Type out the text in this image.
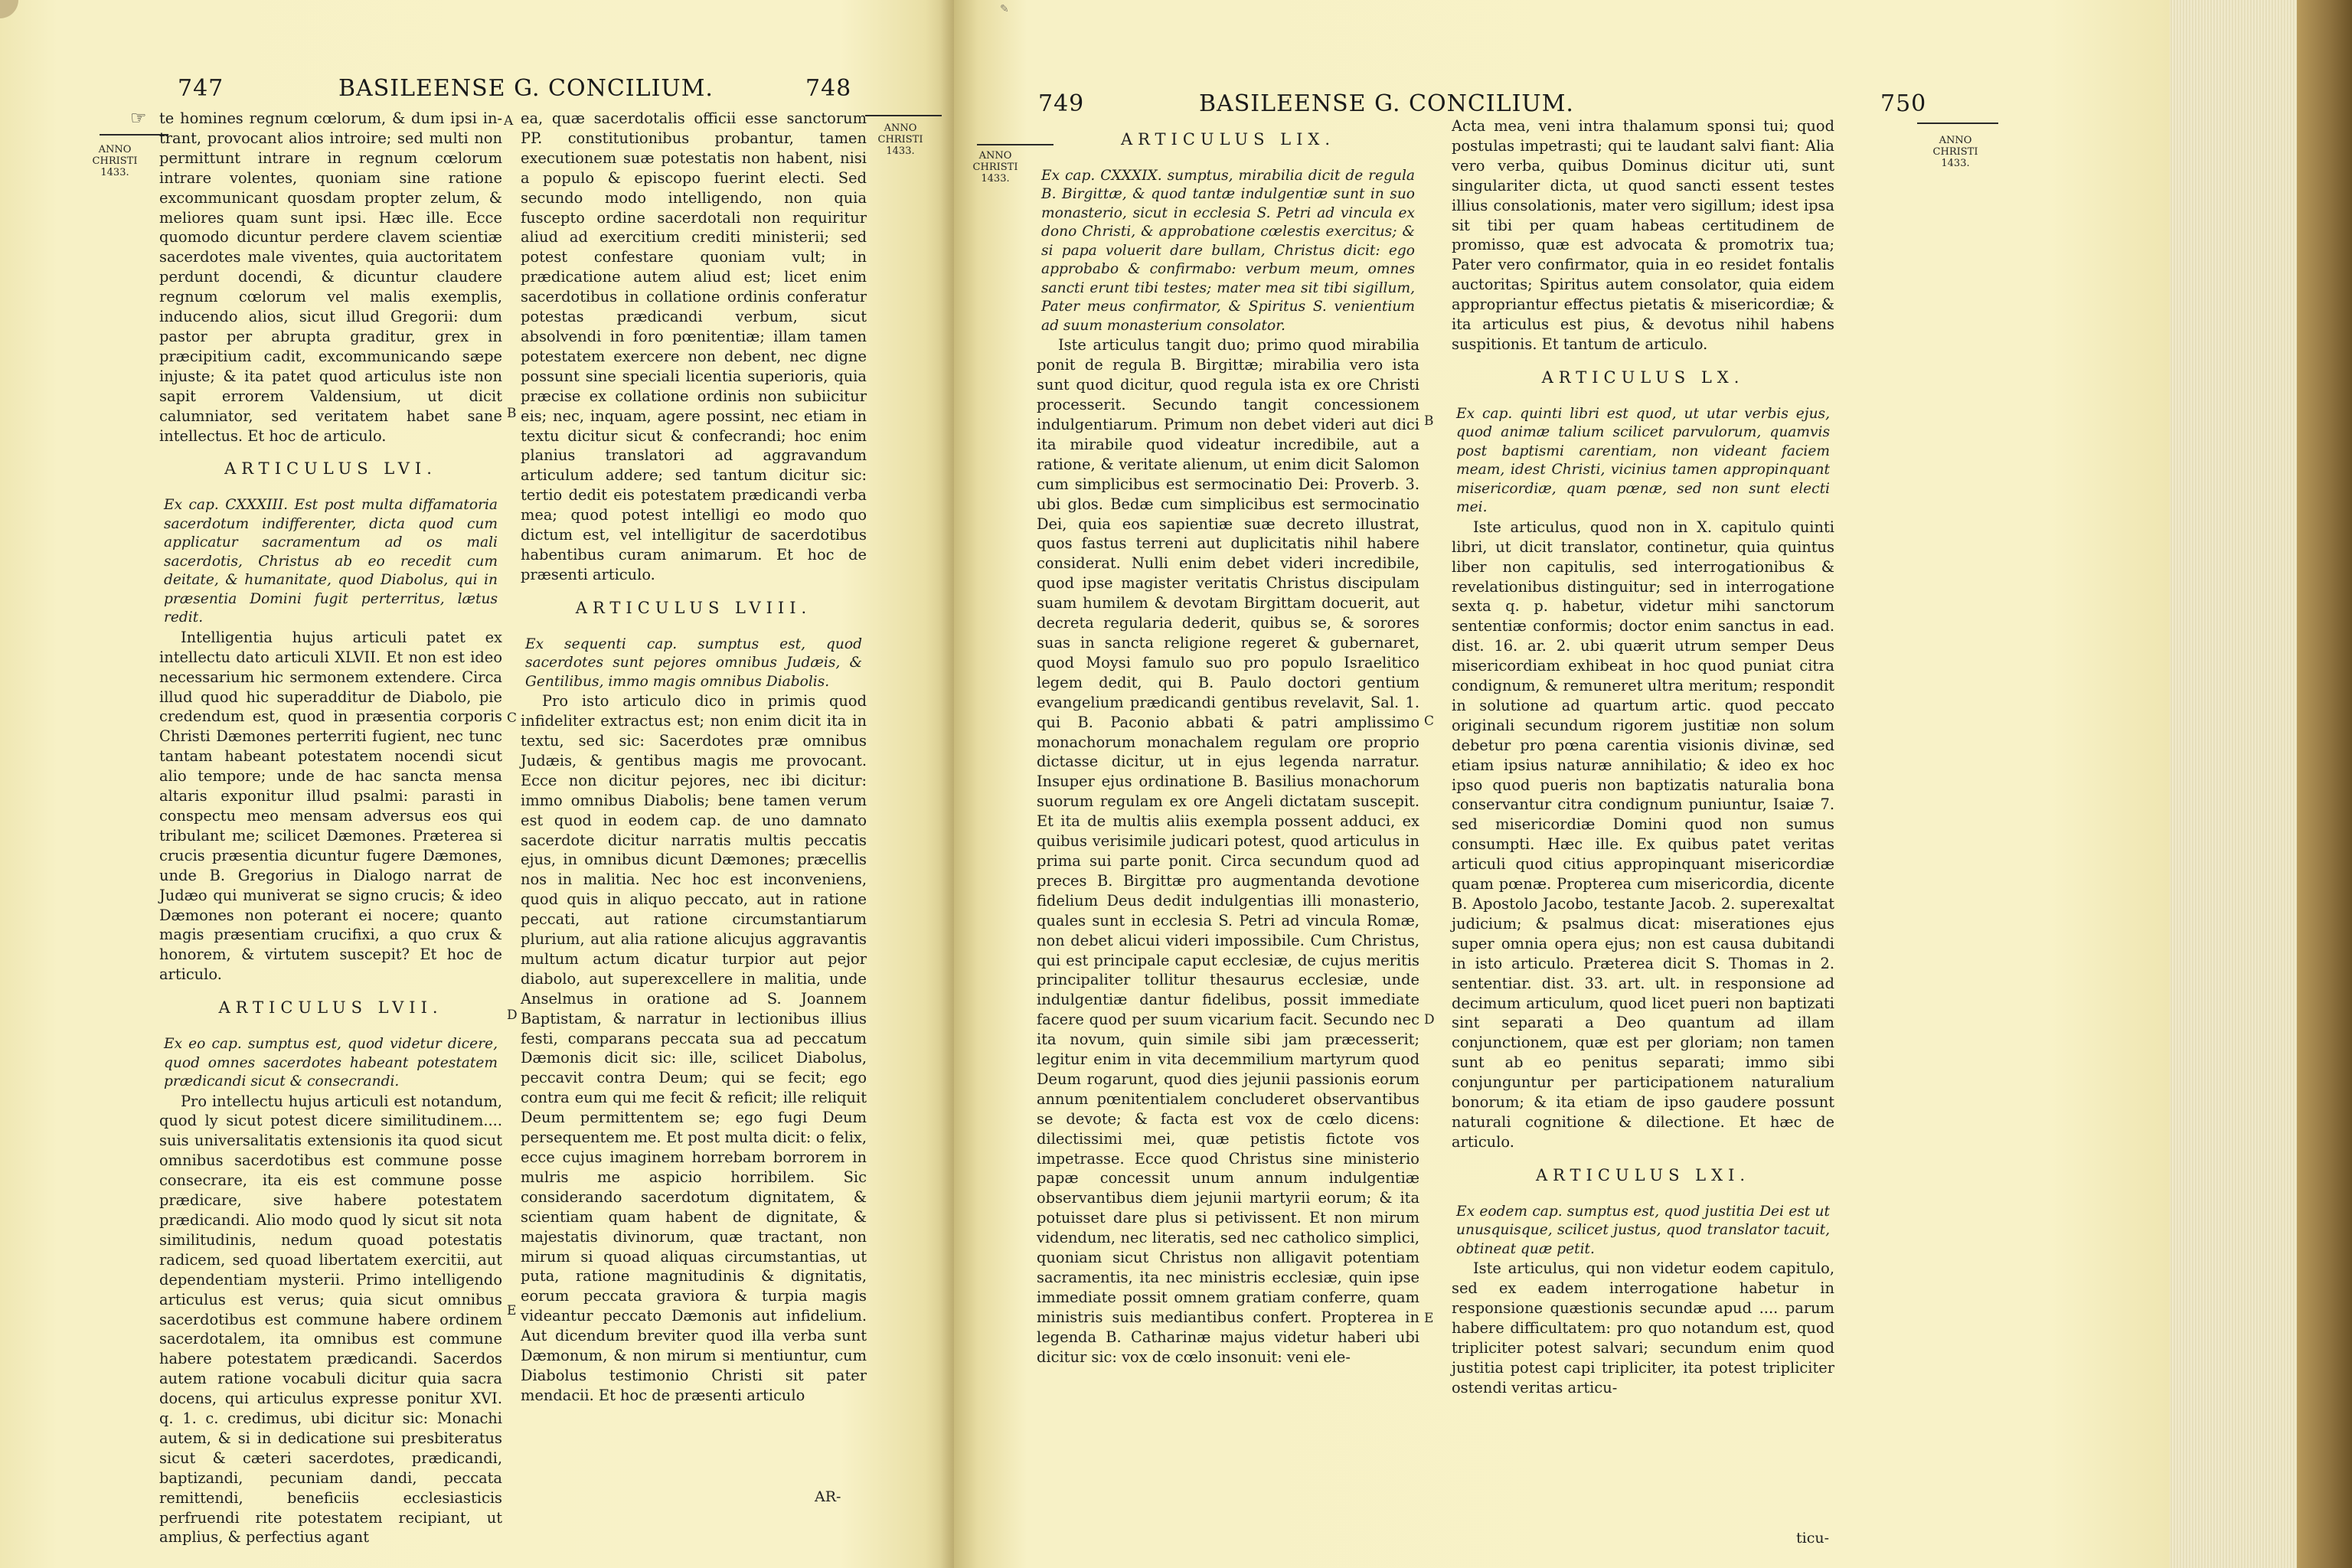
747	BASILEENSE G. CONCILIUM.	748
☞
ANNO
CHRISTI
1433.
ANNO
CHRISTI
1433.

te homines regnum cœlorum, & dum ipsi in-trant, provocant alios introire; sed multi non permittunt intrare in regnum cœlorum intrare volentes, quoniam sine ratione excommunicant quosdam propter zelum, & meliores quam sunt ipsi. Hæc ille. Ecce quomodo dicuntur perdere clavem scientiæ sacerdotes male viventes, quia auctoritatem perdunt docendi, & dicuntur claudere regnum cœlorum vel malis exemplis, inducendo alios, sicut illud Gregorii: dum pastor per abrupta graditur, grex in præcipitium cadit, excommunicando sæpe injuste; & ita patet quod articulus iste non sapit errorem Valdensium, ut dicit calumniator, sed veritatem habet sane intellectus. Et hoc de articulo.

ARTICULUS LVI.

Ex cap. CXXXIII. Est post multa diffamatoria sacerdotum indifferenter, dicta quod cum applicatur sacramentum ad os mali sacerdotis, Christus ab eo recedit cum deitate, & humanitate, quod Diabolus, qui in præsentia Domini fugit perterritus, lætus redit.

Intelligentia hujus articuli patet ex intellectu dato articuli XLVII. Et non est ideo necessarium hic sermonem extendere. Circa illud quod hic superadditur de Diabolo, pie credendum est, quod in præsentia corporis Christi Dæmones perterriti fugient, nec tunc tantam habeant potestatem nocendi sicut alio tempore; unde de hac sancta mensa altaris exponitur illud psalmi: parasti in conspectu meo mensam adversus eos qui tribulant me; scilicet Dæmones. Præterea si crucis præsentia dicuntur fugere Dæmones, unde B. Gregorius in Dialogo narrat de Judæo qui muniverat se signo crucis; & ideo Dæmones non poterant ei nocere; quanto magis præsentiam crucifixi, a quo crux & honorem, & virtutem suscepit? Et hoc de articulo.

ARTICULUS LVII.

Ex eo cap. sumptus est, quod videtur dicere, quod omnes sacerdotes habeant potestatem prædicandi sicut & consecrandi.

Pro intellectu hujus articuli est notandum, quod ly sicut potest dicere similitudinem.... suis universalitatis extensionis ita quod sicut omnibus sacerdotibus est commune posse consecrare, ita eis est commune posse prædicare, sive habere potestatem prædicandi. Alio modo quod ly sicut sit nota similitudinis, nedum quoad potestatis radicem, sed quoad libertatem exercitii, aut dependentiam mysterii. Primo intelligendo articulus est verus; quia sicut omnibus sacerdotibus est commune habere ordinem sacerdotalem, ita omnibus est commune habere potestatem prædicandi. Sacerdos autem ratione vocabuli dicitur quia sacra docens, qui articulus expresse ponitur XVI. q. 1. c. credimus, ubi dicitur sic: Monachi autem, & si in dedicatione sui presbiteratus sicut & cæteri sacerdotes, prædicandi, baptizandi, pecuniam dandi, peccata remittendi, beneficiis ecclesiasticis perfruendi rite potestatem recipiant, ut amplius, & perfectius agant

ea, quæ sacerdotalis officii esse sanctorum PP. constitutionibus probantur, tamen executionem suæ potestatis non habent, nisi a populo & episcopo fuerint electi. Sed secundo modo intelligendo, non quia fuscepto ordine sacerdotali non requiritur aliud ad exercitium crediti ministerii; sed potest confestare quoniam vult; in prædicatione autem aliud est; licet enim sacerdotibus in collatione ordinis conferatur potestas prædicandi verbum, sicut absolvendi in foro pœnitentiæ; illam tamen potestatem exercere non debent, nec digne possunt sine speciali licentia superioris, quia præcise ex collatione ordinis non subiicitur eis; nec, inquam, agere possint, nec etiam in textu dicitur sicut & confecrandi; hoc enim planius translatori ad aggravandum articulum addere; sed tantum dicitur sic: tertio dedit eis potestatem prædicandi verba mea; quod potest intelligi eo modo quo dictum est, vel intelligitur de sacerdotibus habentibus curam animarum. Et hoc de præsenti articulo.

ARTICULUS LVIII.

Ex sequenti cap. sumptus est, quod sacerdotes sunt pejores omnibus Judæis, & Gentilibus, immo magis omnibus Diabolis.

Pro isto articulo dico in primis quod infideliter extractus est; non enim dicit ita in textu, sed sic: Sacerdotes præ omnibus Judæis, & gentibus magis me provocant. Ecce non dicitur pejores, nec ibi dicitur: immo omnibus Diabolis; bene tamen verum est quod in eodem cap. de uno damnato sacerdote dicitur narratis multis peccatis ejus, in omnibus dicunt Dæmones; præcellis nos in malitia. Nec hoc est inconveniens, quod quis in aliquo peccato, aut in ratione peccati, aut ratione circumstantiarum plurium, aut alia ratione alicujus aggravantis multum actum dicatur turpior aut pejor diabolo, aut superexcellere in malitia, unde Anselmus in oratione ad S. Joannem Baptistam, & narratur in lectionibus illius festi, comparans peccata sua ad peccatum Dæmonis dicit sic: ille, scilicet Diabolus, peccavit contra Deum; qui se fecit; ego contra eum qui me fecit & reficit; ille reliquit Deum permittentem se; ego fugi Deum persequentem me. Et post multa dicit: o felix, ecce cujus imaginem horrebam borrorem in mulris me aspicio horribilem. Sic considerando sacerdotum dignitatem, & scientiam quam habent de dignitate, & majestatis divinorum, quæ tractant, non mirum si quoad aliquas circumstantias, ut puta, ratione magnitudinis & dignitatis, eorum peccata graviora & turpia magis videantur peccato Dæmonis aut infidelium. Aut dicendum breviter quod illa verba sunt Dæmonum, & non mirum si mentiuntur, cum Diabolus testimonio Christi sit pater mendacii. Et hoc de præsenti articulo

A
B
C
D
E
AR-
✎
749	BASILEENSE G. CONCILIUM.	750
ANNO
CHRISTI
1433.
ANNO
CHRISTI
1433.
ARTICULUS LIX.

Ex cap. CXXXIX. sumptus, mirabilia dicit de regula B. Birgittæ, & quod tantæ indulgentiæ sunt in suo monasterio, sicut in ecclesia S. Petri ad vincula ex dono Christi, & approbatione cœlestis exercitus; & si papa voluerit dare bullam, Christus dicit: ego approbabo & confirmabo: verbum meum, omnes sancti erunt tibi testes; mater mea sit tibi sigillum, Pater meus confirmator, & Spiritus S. venientium ad suum monasterium consolator.

Iste articulus tangit duo; primo quod mirabilia ponit de regula B. Birgittæ; mirabilia vero ista sunt quod dicitur, quod regula ista ex ore Christi processerit. Secundo tangit concessionem indulgentiarum. Primum non debet videri aut dici ita mirabile quod videatur incredibile, aut a ratione, & veritate alienum, ut enim dicit Salomon cum simplicibus est sermocinatio Dei: Proverb. 3. ubi glos. Bedæ cum simplicibus est sermocinatio Dei, quia eos sapientiæ suæ decreto illustrat, quos fastus terreni aut duplicitatis nihil habere considerat. Nulli enim debet videri incredibile, quod ipse magister veritatis Christus discipulam suam humilem & devotam Birgittam docuerit, aut decreta regularia dederit, quibus se, & sorores suas in sancta religione regeret & gubernaret, quod Moysi famulo suo pro populo Israelitico legem dedit, qui B. Paulo doctori gentium evangelium prædicandi gentibus revelavit, Sal. 1. qui B. Paconio abbati & patri amplissimo monachorum monachalem regulam ore proprio dictasse dicitur, ut in ejus legenda narratur. Insuper ejus ordinatione B. Basilius monachorum suorum regulam ex ore Angeli dictatam suscepit. Et ita de multis aliis exempla possent adduci, ex quibus verisimile judicari potest, quod articulus in prima sui parte ponit. Circa secundum quod ad preces B. Birgittæ pro augmentanda devotione fidelium Deus dedit indulgentias illi monasterio, quales sunt in ecclesia S. Petri ad vincula Romæ, non debet alicui videri impossibile. Cum Christus, qui est principale caput ecclesiæ, de cujus meritis principaliter tollitur thesaurus ecclesiæ, unde indulgentiæ dantur fidelibus, possit immediate facere quod per suum vicarium facit. Secundo nec ita novum, quin simile sibi jam præcesserit; legitur enim in vita decemmilium martyrum quod Deum rogarunt, quod dies jejunii passionis eorum annum pœnitentialem concluderet observantibus se devote; & facta est vox de cœlo dicens: dilectissimi mei, quæ petistis fictote vos impetrasse. Ecce quod Christus sine ministerio papæ concessit unum annum indulgentiæ observantibus diem jejunii martyrii eorum; & ita potuisset dare plus si petivissent. Et non mirum videndum, nec literatis, sed nec catholico simplici, quoniam sicut Christus non alligavit potentiam sacramentis, ita nec ministris ecclesiæ, quin ipse immediate possit omnem gratiam conferre, quam ministris suis mediantibus confert. Propterea in legenda B. Catharinæ majus videtur haberi ubi dicitur sic: vox de cœlo insonuit: veni ele-

Acta mea, veni intra thalamum sponsi tui; quod postulas impetrasti; qui te laudant salvi fiant: Alia vero verba, quibus Dominus dicitur uti, sunt singulariter dicta, ut quod sancti essent testes illius consolationis, mater vero sigillum; idest ipsa sit tibi per quam habeas certitudinem de promisso, quæ est advocata & promotrix tua; Pater vero confirmator, quia in eo residet fontalis auctoritas; Spiritus autem consolator, quia eidem appropriantur effectus pietatis & misericordiæ; & ita articulus est pius, & devotus nihil habens suspitionis. Et tantum de articulo.

ARTICULUS LX.

Ex cap. quinti libri est quod, ut utar verbis ejus, quod animæ talium scilicet parvulorum, quamvis post baptismi carentiam, non videant faciem meam, idest Christi, vicinius tamen appropinquant misericordiæ, quam pœnæ, sed non sunt electi mei.

Iste articulus, quod non in X. capitulo quinti libri, ut dicit translator, continetur, quia quintus liber non capitulis, sed interrogationibus & revelationibus distinguitur; sed in interrogatione sexta q. p. habetur, videtur mihi sanctorum sententiæ conformis; doctor enim sanctus in ead. dist. 16. ar. 2. ubi quærit utrum semper Deus misericordiam exhibeat in hoc quod puniat citra condignum, & remuneret ultra meritum; respondit in solutione ad quartum artic. quod peccato originali secundum rigorem justitiæ non solum debetur pro pœna carentia visionis divinæ, sed etiam ipsius naturæ annihilatio; & ideo ex hoc ipso quod pueris non baptizatis naturalia bona conservantur citra condignum puniuntur, Isaiæ 7. sed misericordiæ Domini quod non sumus consumpti. Hæc ille. Ex quibus patet veritas articuli quod citius appropinquant misericordiæ quam pœnæ. Propterea cum misericordia, dicente B. Apostolo Jacobo, testante Jacob. 2. superexaltat judicium; & psalmus dicat: miserationes ejus super omnia opera ejus; non est causa dubitandi in isto articulo. Præterea dicit S. Thomas in 2. sententiar. dist. 33. art. ult. in responsione ad decimum articulum, quod licet pueri non baptizati sint separati a Deo quantum ad illam conjunctionem, quæ est per gloriam; non tamen sunt ab eo penitus separati; immo sibi conjunguntur per participationem naturalium bonorum; & ita etiam de ipso gaudere possunt naturali cognitione & dilectione. Et hæc de articulo.

ARTICULUS LXI.

Ex eodem cap. sumptus est, quod justitia Dei est ut unusquisque, scilicet justus, quod translator tacuit, obtineat quæ petit.

Iste articulus, qui non videtur eodem capitulo, sed ex eadem interrogatione habetur in responsione quæstionis secundæ apud .... parum habere difficultatem: pro quo notandum est, quod tripliciter potest salvari; secundum enim quod justitia potest capi tripliciter, ita potest tripliciter ostendi veritas articu-

B
C
D
E
ticu-
